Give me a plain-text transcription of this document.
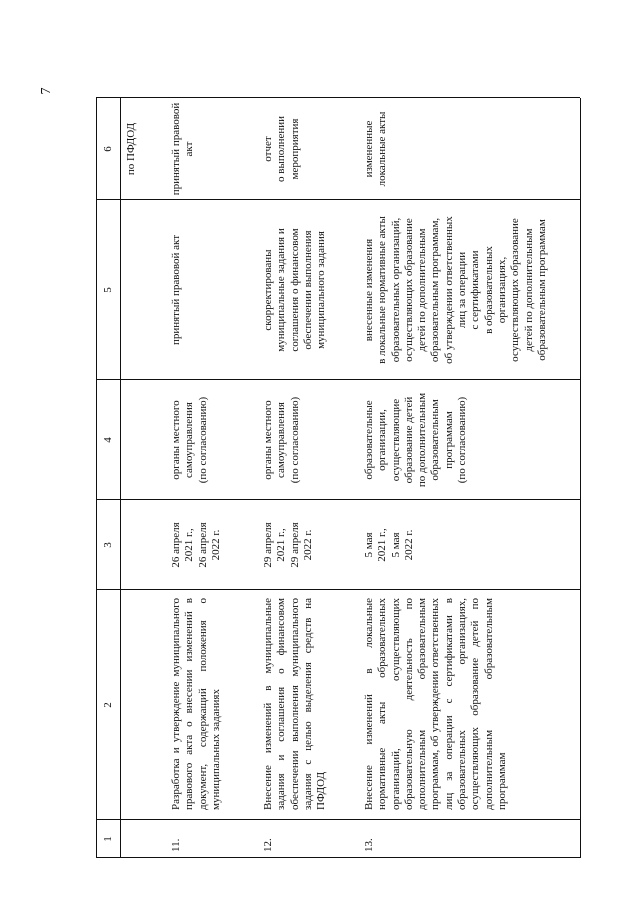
7
1
2
3
4
5
6	по ПФДОД
11.
Разработка и утверждение муниципального правового акта о внесении изменений в документ, содержащий положения о муниципальных заданиях
26 апреля
2021 г.,
26 апреля
2022 г.
органы местного
самоуправления
(по согласованию)
принятый правовой акт
принятый правовой
акт
12.
Внесение изменений в муниципальные задания и соглашения о финансовом обеспечении выполнения муниципального задания с целью выделения средств на ПФДОД
29 апреля
2021 г.,
29 апреля
2022 г.
органы местного
самоуправления
(по согласованию)
скорректированы
муниципальные задания и
соглашения о финансовом
обеспечении выполнения
муниципального задания
отчет
о выполнении
мероприятия
13.
Внесение изменений в локальные нормативные акты образовательных организаций, осуществляющих образовательную деятельность по дополнительным образовательным программам, об утверждении ответственных лиц за операции с сертификатами в образовательных организациях, осуществляющих образование детей по дополнительным образовательным программам
5 мая
2021 г.,
5 мая
2022 г.
образовательные
организации,
осуществляющие
образование детей
по дополнительным
образовательным
программам
(по согласованию)
внесенные изменения
в локальные нормативные акты
образовательных организаций,
осуществляющих образование
детей по дополнительным
образовательным программам,
об утверждении ответственных
лиц за операции
с сертификатами
в образовательных
организациях,
осуществляющих образование
детей по дополнительным
образовательным программам
измененные
локальные акты
